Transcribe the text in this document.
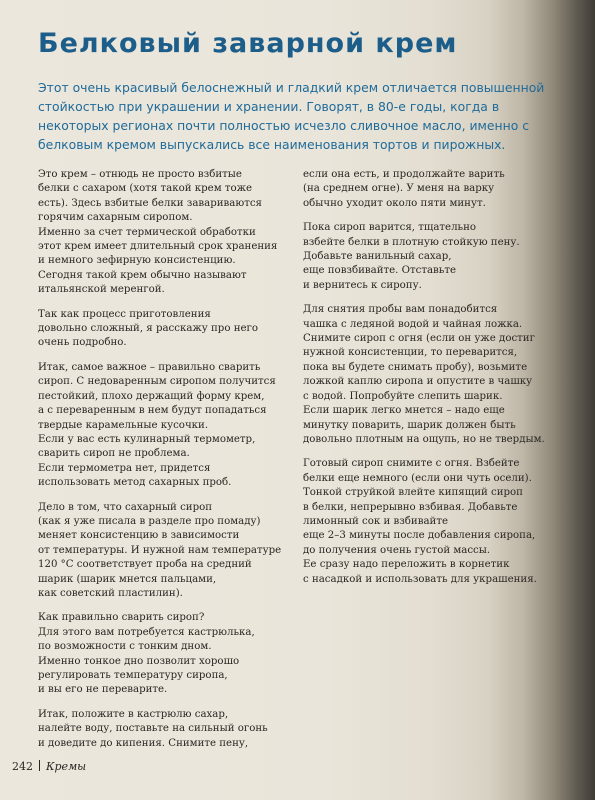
Белковый заварной крем

Этот очень красивый белоснежный и гладкий крем отличается повышенной стойкостью при украшении и хранении. Говорят, в 80-е годы, когда в некоторых регионах почти полностью исчезло сливочное масло, именно с белковым кремом выпускались все наименования тортов и пирожных.

Это крем – отнюдь не просто взбитые
белки с сахаром (хотя такой крем тоже
есть). Здесь взбитые белки завариваются
горячим сахарным сиропом.
Именно за счет термической обработки
этот крем имеет длительный срок хранения
и немного зефирную консистенцию.
Сегодня такой крем обычно называют
итальянской меренгой.

Так как процесс приготовления
довольно сложный, я расскажу про него
очень подробно.

Итак, самое важное – правильно сварить
сироп. С недоваренным сиропом получится
пестойкий, плохо держащий форму крем,
а с переваренным в нем будут попадаться
твердые карамельные кусочки.
Если у вас есть кулинарный термометр,
сварить сироп не проблема.
Если термометра нет, придется
использовать метод сахарных проб.

Дело в том, что сахарный сироп
(как я уже писала в разделе про помаду)
меняет консистенцию в зависимости
от температуры. И нужной нам температуре
120 °С соответствует проба на средний
шарик (шарик мнется пальцами,
как советский пластилин).

Как правильно сварить сироп?
Для этого вам потребуется кастрюлька,
по возможности с тонким дном.
Именно тонкое дно позволит хорошо
регулировать температуру сиропа,
и вы его не переварите.

Итак, положите в кастрюлю сахар,
налейте воду, поставьте на сильный огонь
и доведите до кипения. Снимите пену,

если она есть, и продолжайте варить
(на среднем огне). У меня на варку
обычно уходит около пяти минут.

Пока сироп варится, тщательно
взбейте белки в плотную стойкую пену.
Добавьте ванильный сахар,
еще повзбивайте. Отставьте
и вернитесь к сиропу.

Для снятия пробы вам понадобится
чашка с ледяной водой и чайная ложка.
Снимите сироп с огня (если он уже достиг
нужной консистенции, то переварится,
пока вы будете снимать пробу), возьмите
ложкой каплю сиропа и опустите в чашку
с водой. Попробуйте слепить шарик.
Если шарик легко мнется – надо еще
минутку поварить, шарик должен быть
довольно плотным на ощупь, но не твердым.

Готовый сироп снимите с огня. Взбейте
белки еще немного (если они чуть осели).
Тонкой струйкой влейте кипящий сироп
в белки, непрерывно взбивая. Добавьте
лимонный сок и взбивайте
еще 2–3 минуты после добавления сиропа,
до получения очень густой массы.
Ее сразу надо переложить в корнетик
с насадкой и использовать для украшения.

242 Кремы
